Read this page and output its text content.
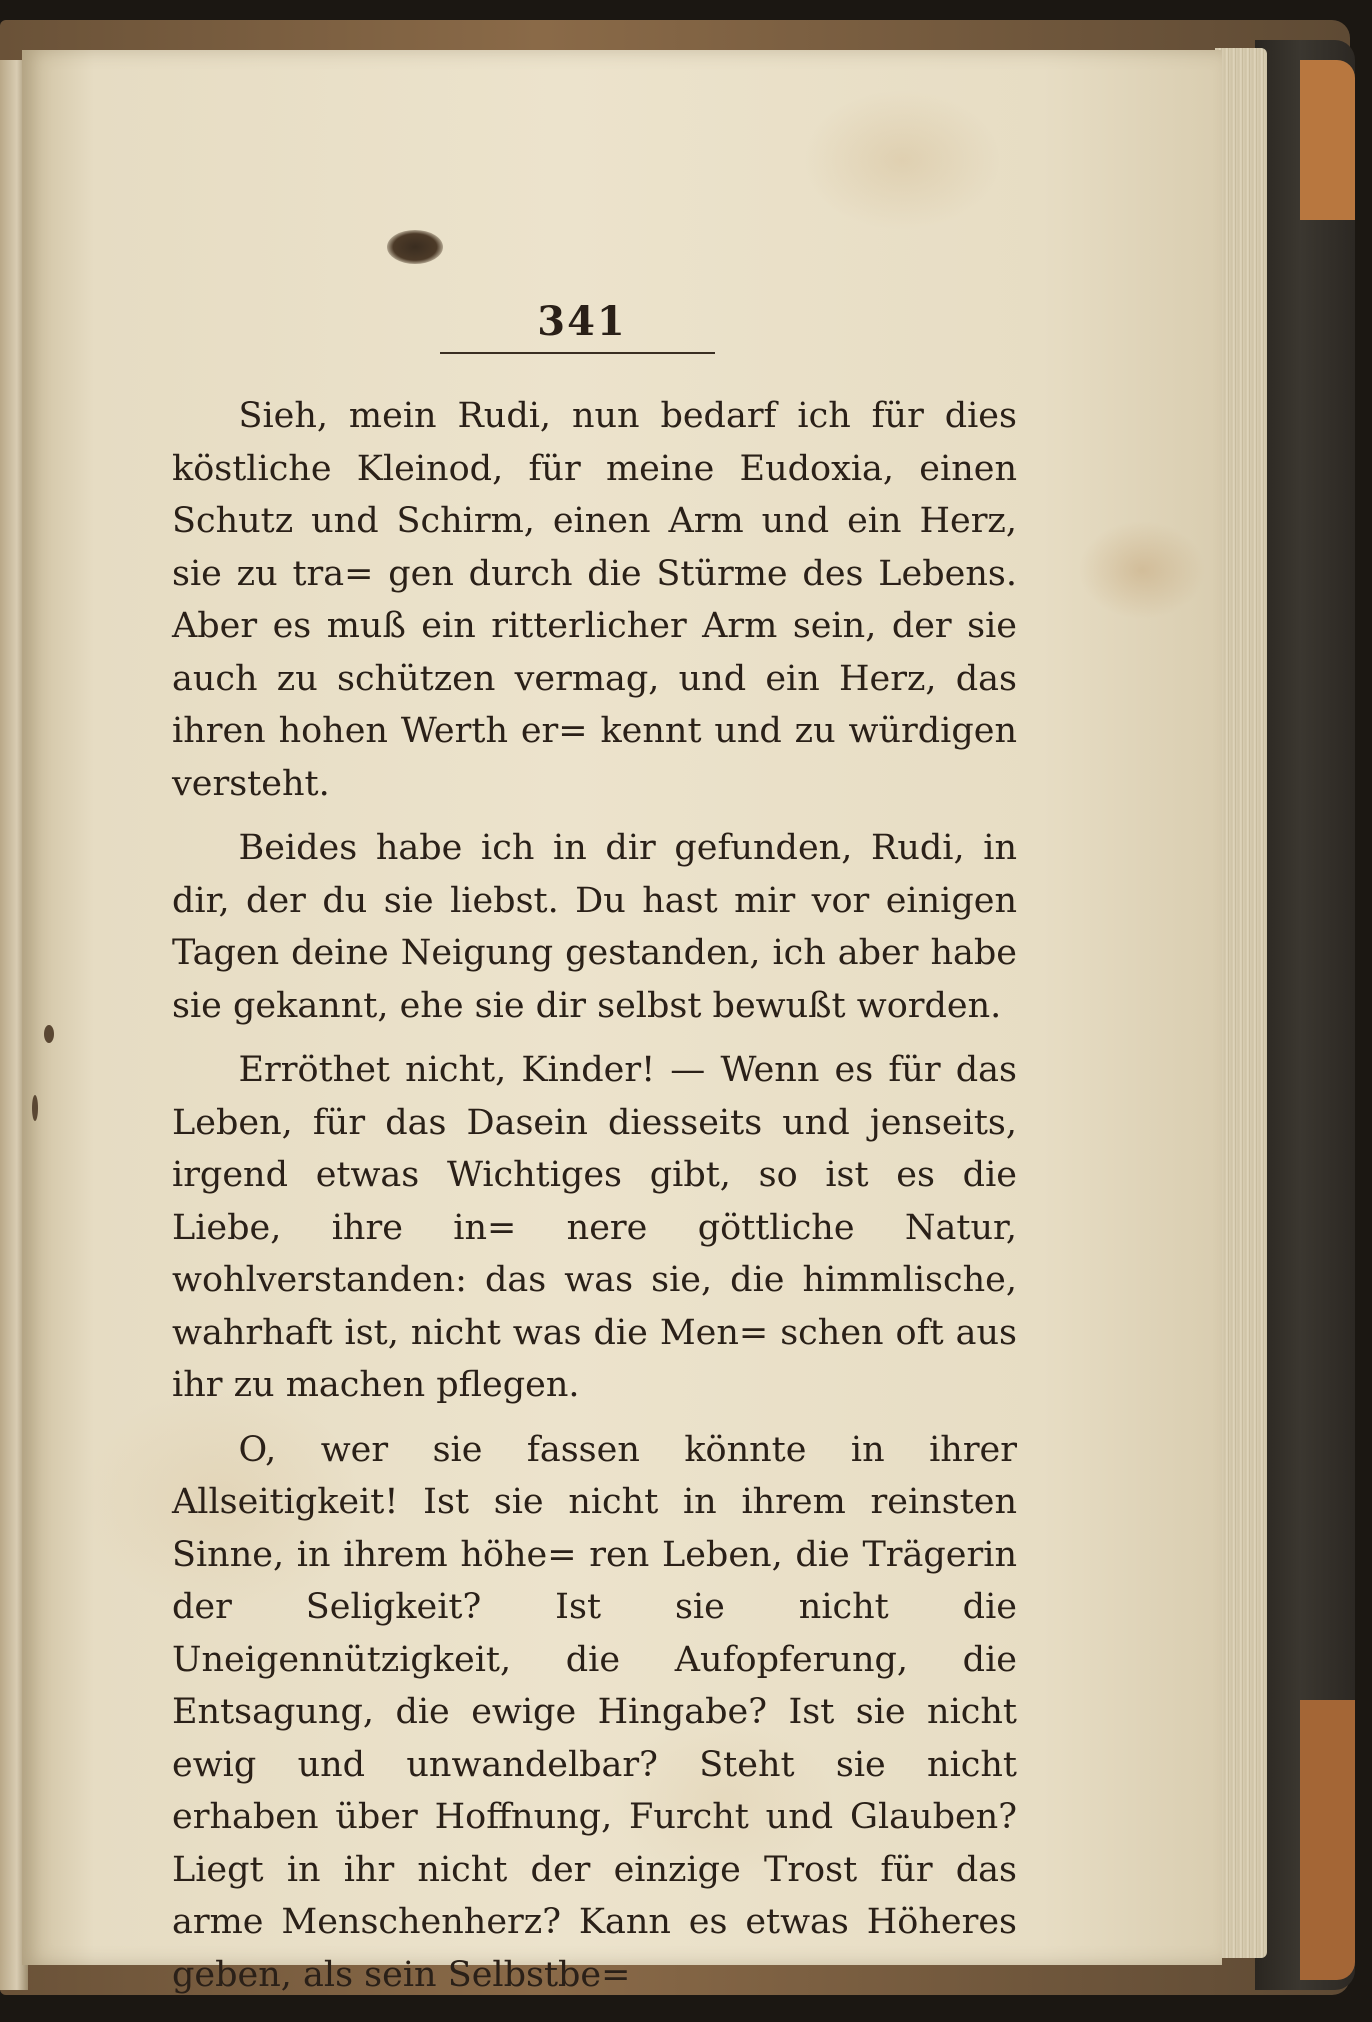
341

Sieh, mein Rudi, nun bedarf ich für dies köstliche Kleinod, für meine Eudoxia, einen Schutz und Schirm, einen Arm und ein Herz, sie zu tra= gen durch die Stürme des Lebens. Aber es muß ein ritterlicher Arm sein, der sie auch zu schützen vermag, und ein Herz, das ihren hohen Werth er= kennt und zu würdigen versteht.

Beides habe ich in dir gefunden, Rudi, in dir, der du sie liebst. Du hast mir vor einigen Tagen deine Neigung gestanden, ich aber habe sie gekannt, ehe sie dir selbst bewußt worden.

Erröthet nicht, Kinder! — Wenn es für das Leben, für das Dasein diesseits und jenseits, irgend etwas Wichtiges gibt, so ist es die Liebe, ihre in= nere göttliche Natur, wohlverstanden: das was sie, die himmlische, wahrhaft ist, nicht was die Men= schen oft aus ihr zu machen pflegen.

O, wer sie fassen könnte in ihrer Allseitigkeit! Ist sie nicht in ihrem reinsten Sinne, in ihrem höhe= ren Leben, die Trägerin der Seligkeit? Ist sie nicht die Uneigennützigkeit, die Aufopferung, die Entsagung, die ewige Hingabe? Ist sie nicht ewig und unwandelbar? Steht sie nicht erhaben über Hoffnung, Furcht und Glauben? Liegt in ihr nicht der einzige Trost für das arme Menschenherz? Kann es etwas Höheres geben, als sein Selbstbe=
